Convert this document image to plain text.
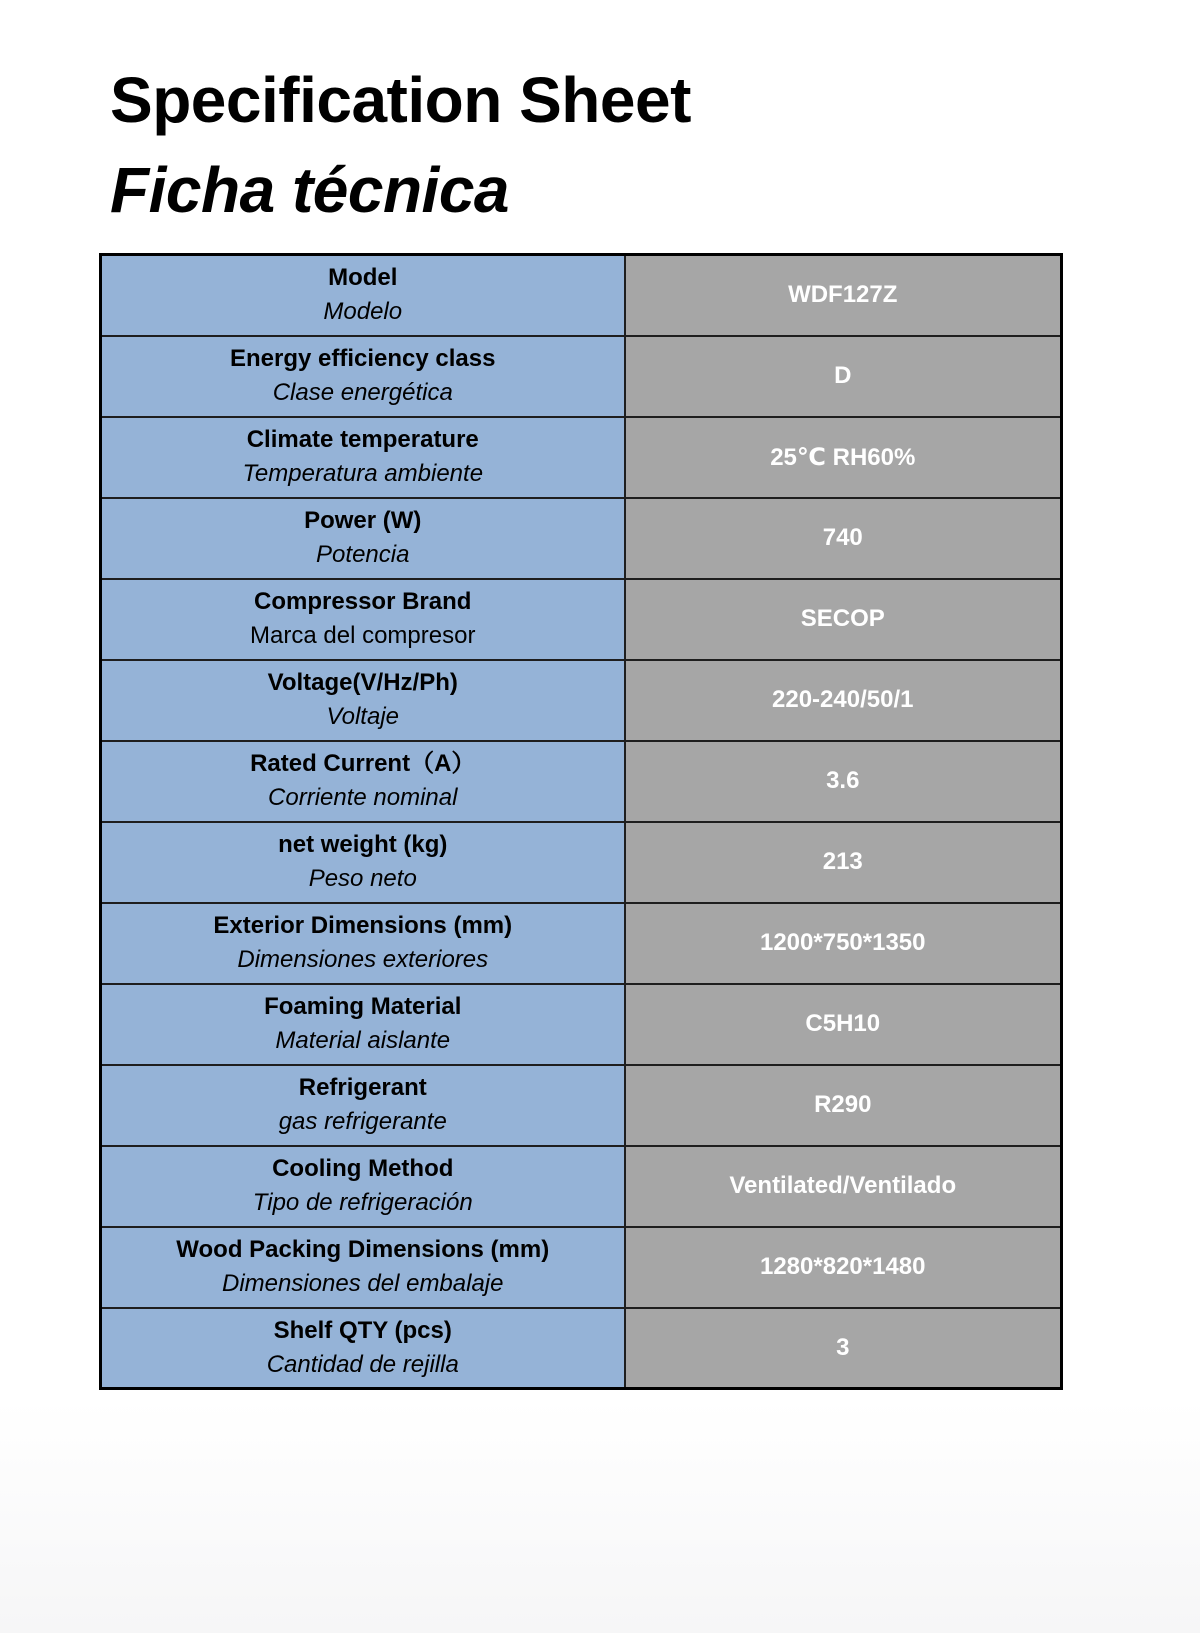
Specification Sheet
Ficha técnica
Model
Modelo	WDF127Z

Energy efficiency class
Clase energética	D

Climate temperature
Temperatura ambiente	25℃ RH60%

Power (W)
Potencia	740

Compressor Brand
Marca del compresor	SECOP

Voltage(V/Hz/Ph)
Voltaje	220-240/50/1

Rated Current（A）
Corriente nominal	3.6

net weight (kg)
Peso neto	213

Exterior Dimensions (mm)
Dimensiones exteriores	1200*750*1350

Foaming Material
Material aislante	C5H10

Refrigerant
gas refrigerante	R290

Cooling Method
Tipo de refrigeración	Ventilated/Ventilado

Wood Packing Dimensions (mm)
Dimensiones del embalaje	1280*820*1480

Shelf QTY (pcs)
Cantidad de rejilla	3
